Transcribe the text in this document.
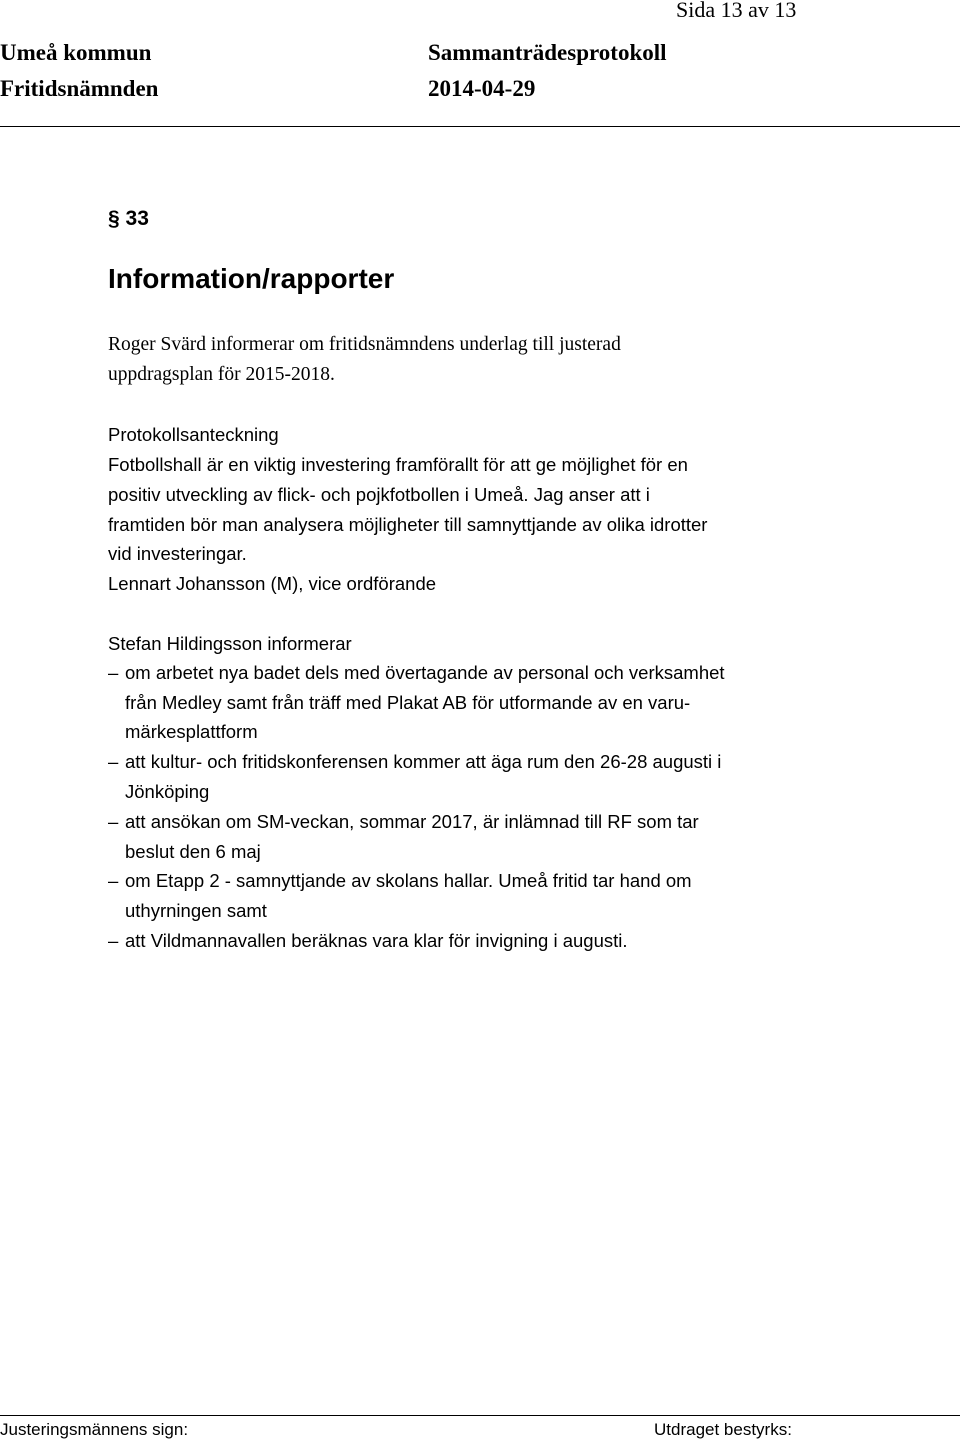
Sida 13 av 13
Umeå kommun
Fritidsnämnden
Sammanträdesprotokoll
2014-04-29
§ 33
Information/rapporter
Roger Svärd informerar om fritidsnämndens underlag till justerad
uppdragsplan för 2015-2018.
Protokollsanteckning
Fotbollshall är en viktig investering framförallt för att ge möjlighet för en
positiv utveckling av flick- och pojkfotbollen i Umeå. Jag anser att i
framtiden bör man analysera möjligheter till samnyttjande av olika idrotter
vid investeringar.
Lennart Johansson (M), vice ordförande
Stefan Hildingsson informerar
– om arbetet nya badet dels med övertagande av personal och verksamhet
från Medley samt från träff med Plakat AB för utformande av en varu-
märkesplattform
– att kultur- och fritidskonferensen kommer att äga rum den 26-28 augusti i
Jönköping
– att ansökan om SM-veckan, sommar 2017, är inlämnad till RF som tar
beslut den 6 maj
– om Etapp 2 - samnyttjande av skolans hallar. Umeå fritid tar hand om
uthyrningen samt
– att Vildmannavallen beräknas vara klar för invigning i augusti.
Justeringsmännens sign:	Utdraget bestyrks:
